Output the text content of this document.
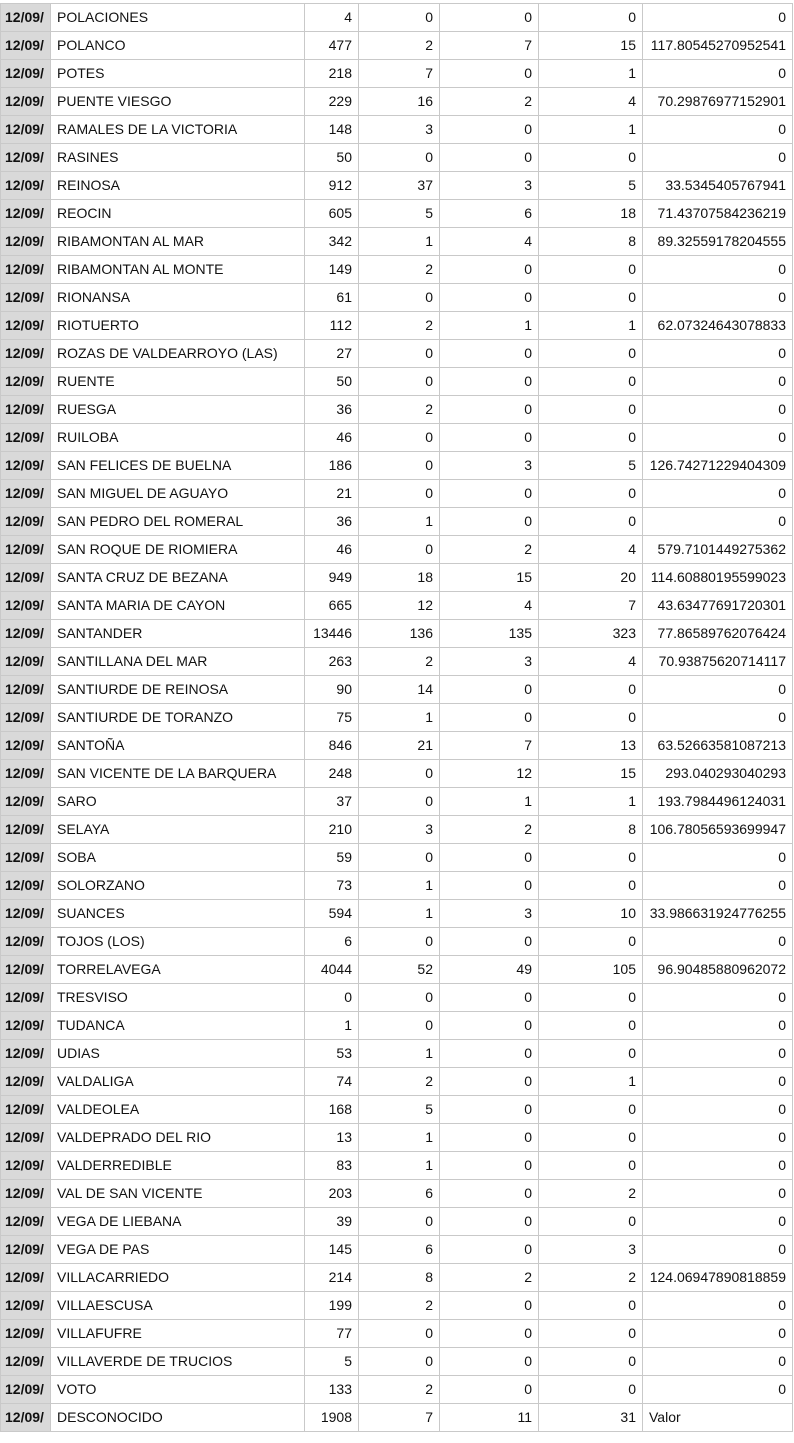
12/09/	POLACIONES	4	0	0	0	0
12/09/	POLANCO	477	2	7	15	117.80545270952541
12/09/	POTES	218	7	0	1	0
12/09/	PUENTE VIESGO	229	16	2	4	70.29876977152901
12/09/	RAMALES DE LA VICTORIA	148	3	0	1	0
12/09/	RASINES	50	0	0	0	0
12/09/	REINOSA	912	37	3	5	33.5345405767941
12/09/	REOCIN	605	5	6	18	71.43707584236219
12/09/	RIBAMONTAN AL MAR	342	1	4	8	89.32559178204555
12/09/	RIBAMONTAN AL MONTE	149	2	0	0	0
12/09/	RIONANSA	61	0	0	0	0
12/09/	RIOTUERTO	112	2	1	1	62.07324643078833
12/09/	ROZAS DE VALDEARROYO (LAS)	27	0	0	0	0
12/09/	RUENTE	50	0	0	0	0
12/09/	RUESGA	36	2	0	0	0
12/09/	RUILOBA	46	0	0	0	0
12/09/	SAN FELICES DE BUELNA	186	0	3	5	126.74271229404309
12/09/	SAN MIGUEL DE AGUAYO	21	0	0	0	0
12/09/	SAN PEDRO DEL ROMERAL	36	1	0	0	0
12/09/	SAN ROQUE DE RIOMIERA	46	0	2	4	579.7101449275362
12/09/	SANTA CRUZ DE BEZANA	949	18	15	20	114.60880195599023
12/09/	SANTA MARIA DE CAYON	665	12	4	7	43.63477691720301
12/09/	SANTANDER	13446	136	135	323	77.86589762076424
12/09/	SANTILLANA DEL MAR	263	2	3	4	70.93875620714117
12/09/	SANTIURDE DE REINOSA	90	14	0	0	0
12/09/	SANTIURDE DE TORANZO	75	1	0	0	0
12/09/	SANTOÑA	846	21	7	13	63.52663581087213
12/09/	SAN VICENTE DE LA BARQUERA	248	0	12	15	293.040293040293
12/09/	SARO	37	0	1	1	193.7984496124031
12/09/	SELAYA	210	3	2	8	106.78056593699947
12/09/	SOBA	59	0	0	0	0
12/09/	SOLORZANO	73	1	0	0	0
12/09/	SUANCES	594	1	3	10	33.986631924776255
12/09/	TOJOS (LOS)	6	0	0	0	0
12/09/	TORRELAVEGA	4044	52	49	105	96.90485880962072
12/09/	TRESVISO	0	0	0	0	0
12/09/	TUDANCA	1	0	0	0	0
12/09/	UDIAS	53	1	0	0	0
12/09/	VALDALIGA	74	2	0	1	0
12/09/	VALDEOLEA	168	5	0	0	0
12/09/	VALDEPRADO DEL RIO	13	1	0	0	0
12/09/	VALDERREDIBLE	83	1	0	0	0
12/09/	VAL DE SAN VICENTE	203	6	0	2	0
12/09/	VEGA DE LIEBANA	39	0	0	0	0
12/09/	VEGA DE PAS	145	6	0	3	0
12/09/	VILLACARRIEDO	214	8	2	2	124.06947890818859
12/09/	VILLAESCUSA	199	2	0	0	0
12/09/	VILLAFUFRE	77	0	0	0	0
12/09/	VILLAVERDE DE TRUCIOS	5	0	0	0	0
12/09/	VOTO	133	2	0	0	0
12/09/	DESCONOCIDO	1908	7	11	31	Valor
